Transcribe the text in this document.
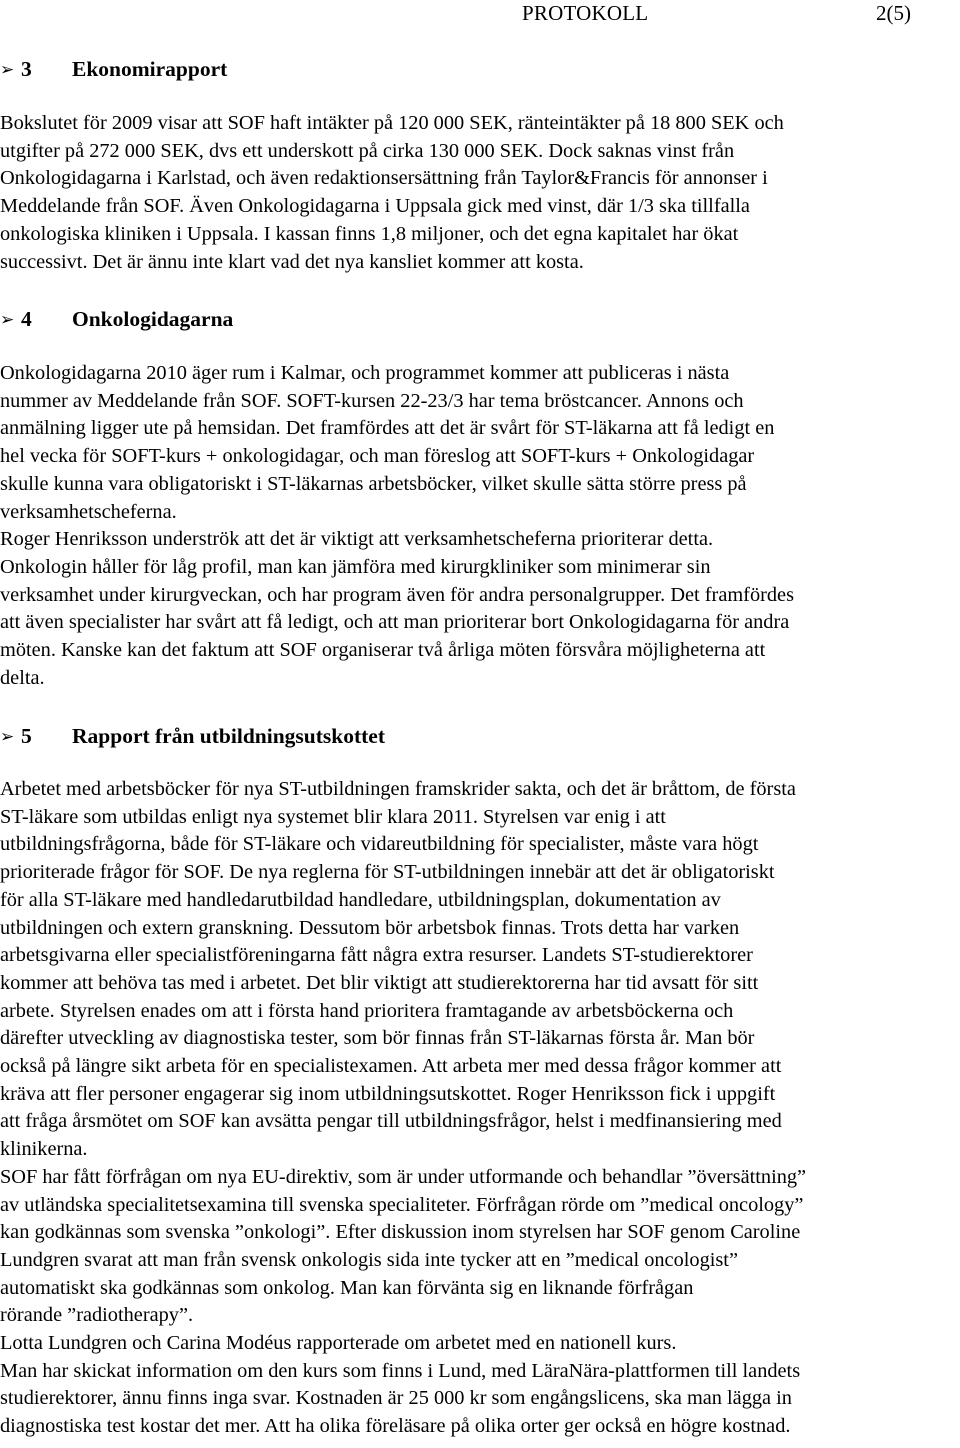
PROTOKOLL	2(5)
➢ 3 Ekonomirapport
Bokslutet för 2009 visar att SOF haft intäkter på 120 000 SEK, ränteintäkter på 18 800 SEK och
utgifter på 272 000 SEK, dvs ett underskott på cirka 130 000 SEK. Dock saknas vinst från
Onkologidagarna i Karlstad, och även redaktionsersättning från Taylor&Francis för annonser i
Meddelande från SOF. Även Onkologidagarna i Uppsala gick med vinst, där 1/3 ska tillfalla
onkologiska kliniken i Uppsala. I kassan finns 1,8 miljoner, och det egna kapitalet har ökat
successivt. Det är ännu inte klart vad det nya kansliet kommer att kosta.
➢ 4 Onkologidagarna
Onkologidagarna 2010 äger rum i Kalmar, och programmet kommer att publiceras i nästa
nummer av Meddelande från SOF. SOFT-kursen 22-23/3 har tema bröstcancer. Annons och
anmälning ligger ute på hemsidan. Det framfördes att det är svårt för ST-läkarna att få ledigt en
hel vecka för SOFT-kurs + onkologidagar, och man föreslog att SOFT-kurs + Onkologidagar
skulle kunna vara obligatoriskt i ST-läkarnas arbetsböcker, vilket skulle sätta större press på
verksamhetscheferna.
Roger Henriksson underströk att det är viktigt att verksamhetscheferna prioriterar detta.
Onkologin håller för låg profil, man kan jämföra med kirurgkliniker som minimerar sin
verksamhet under kirurgveckan, och har program även för andra personalgrupper. Det framfördes
att även specialister har svårt att få ledigt, och att man prioriterar bort Onkologidagarna för andra
möten. Kanske kan det faktum att SOF organiserar två årliga möten försvåra möjligheterna att
delta.
➢ 5 Rapport från utbildningsutskottet
Arbetet med arbetsböcker för nya ST-utbildningen framskrider sakta, och det är bråttom, de första
ST-läkare som utbildas enligt nya systemet blir klara 2011. Styrelsen var enig i att
utbildningsfrågorna, både för ST-läkare och vidareutbildning för specialister, måste vara högt
prioriterade frågor för SOF. De nya reglerna för ST-utbildningen innebär att det är obligatoriskt
för alla ST-läkare med handledarutbildad handledare, utbildningsplan, dokumentation av
utbildningen och extern granskning. Dessutom bör arbetsbok finnas. Trots detta har varken
arbetsgivarna eller specialistföreningarna fått några extra resurser. Landets ST-studierektorer
kommer att behöva tas med i arbetet. Det blir viktigt att studierektorerna har tid avsatt för sitt
arbete. Styrelsen enades om att i första hand prioritera framtagande av arbetsböckerna och
därefter utveckling av diagnostiska tester, som bör finnas från ST-läkarnas första år. Man bör
också på längre sikt arbeta för en specialistexamen. Att arbeta mer med dessa frågor kommer att
kräva att fler personer engagerar sig inom utbildningsutskottet. Roger Henriksson fick i uppgift
att fråga årsmötet om SOF kan avsätta pengar till utbildningsfrågor, helst i medfinansiering med
klinikerna.
SOF har fått förfrågan om nya EU-direktiv, som är under utformande och behandlar ”översättning”
av utländska specialitetsexamina till svenska specialiteter. Förfrågan rörde om ”medical oncology”
kan godkännas som svenska ”onkologi”. Efter diskussion inom styrelsen har SOF genom Caroline
Lundgren svarat att man från svensk onkologis sida inte tycker att en ”medical oncologist”
automatiskt ska godkännas som onkolog. Man kan förvänta sig en liknande förfrågan
rörande ”radiotherapy”.
Lotta Lundgren och Carina Modéus rapporterade om arbetet med en nationell kurs.
Man har skickat information om den kurs som finns i Lund, med LäraNära-plattformen till landets
studierektorer, ännu finns inga svar. Kostnaden är 25 000 kr som engångslicens, ska man lägga in
diagnostiska test kostar det mer. Att ha olika föreläsare på olika orter ger också en högre kostnad.
